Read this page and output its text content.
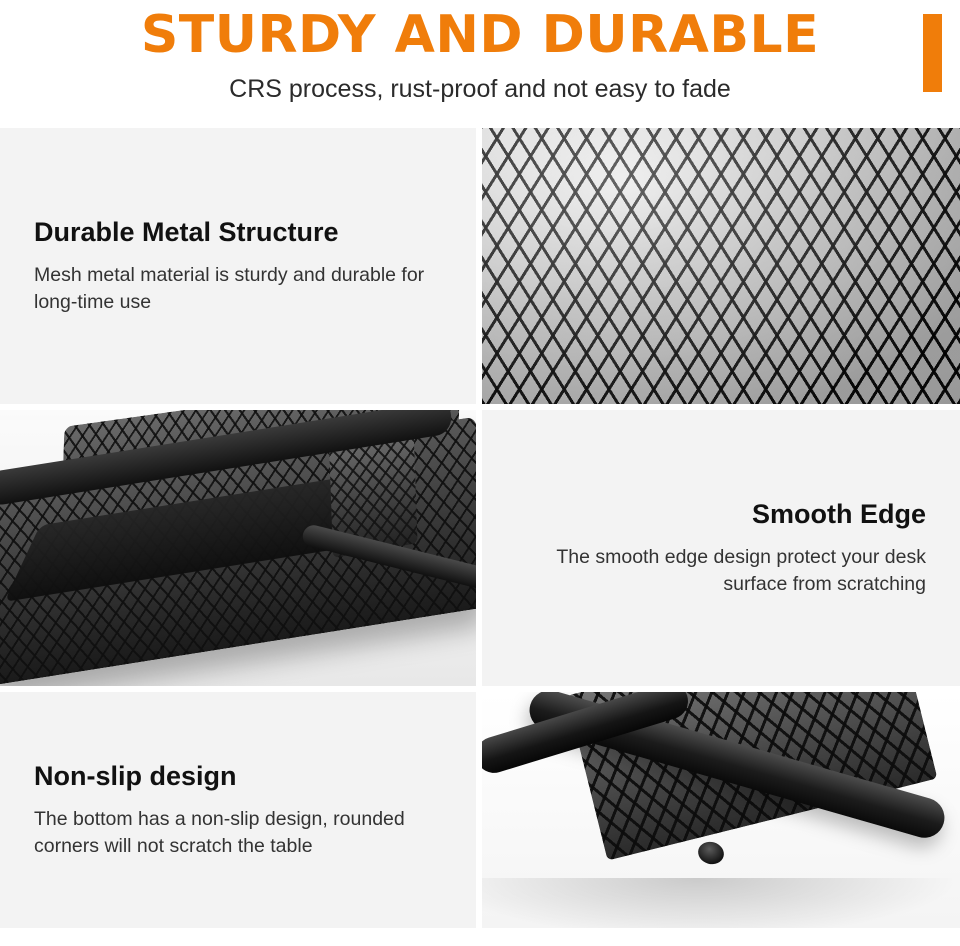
STURDY AND DURABLE

CRS process, rust-proof and not easy to fade

Durable Metal Structure

Mesh metal material is sturdy and durable for long-time use

Smooth Edge

The smooth edge design protect your desk surface from scratching

Non-slip design

The bottom has a non-slip design, rounded corners will not scratch the table
